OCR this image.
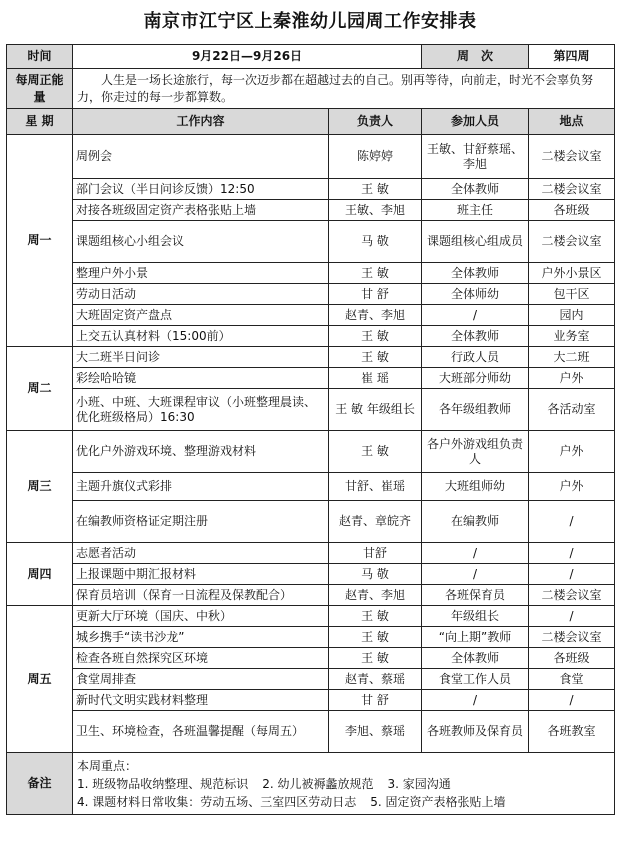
南京市江宁区上秦淮幼儿园周工作安排表
时间	9月22日—9月26日		周　次	第四周
每周正能量	人生是一场长途旅行，每一次迈步都在超越过去的自己。别再等待，向前走，时光不会辜负努力，你走过的每一步都算数。			
星 期	工作内容	负责人	参加人员	地点
周一	周例会	陈婷婷	王敏、甘舒蔡瑶、李旭	二楼会议室
	部门会议（半日问诊反馈）12:50	王 敏	全体教师	二楼会议室
	对接各班级固定资产表格张贴上墙	王敏、李旭	班主任	各班级
	课题组核心小组会议	马 敬	课题组核心组成员	二楼会议室
	整理户外小景	王 敏	全体教师	户外小景区
	劳动日活动	甘 舒	全体师幼	包干区
	大班固定资产盘点	赵青、李旭	/	园内
	上交五认真材料（15:00前）	王 敏	全体教师	业务室
周二	大二班半日问诊	王 敏	行政人员	大二班
	彩绘哈哈镜	崔 瑶	大班部分师幼	户外
	小班、中班、大班课程审议（小班整理晨读、优化班级格局）16:30	王 敏 年级组长	各年级组教师	各活动室
周三	优化户外游戏环境、整理游戏材料	王 敏	各户外游戏组负责人	户外
	主题升旗仪式彩排	甘舒、崔瑶	大班组师幼	户外
	在编教师资格证定期注册	赵青、章皖齐	在编教师	/
周四	志愿者活动	甘舒	/	/
	上报课题中期汇报材料	马 敬	/	/
	保育员培训（保育一日流程及保教配合）	赵青、李旭	各班保育员	二楼会议室
周五	更新大厅环境（国庆、中秋）	王 敏	年级组长	/
	城乡携手“读书沙龙”	王 敏	“向上期”教师	二楼会议室
	检查各班自然探究区环境	王 敏	全体教师	各班级
	食堂周排查	赵青、蔡瑶	食堂工作人员	食堂
	新时代文明实践材料整理	甘 舒	/	/
	卫生、环境检查，各班温馨提醒（每周五）	李旭、蔡瑶	各班教师及保育员	各班教室
备注	本周重点：
1. 班级物品收纳整理、规范标识 2. 幼儿被褥蠡放规范 3. 家园沟通
4. 课题材料日常收集：劳动五场、三室四区劳动日志 5. 固定资产表格张贴上墙			
